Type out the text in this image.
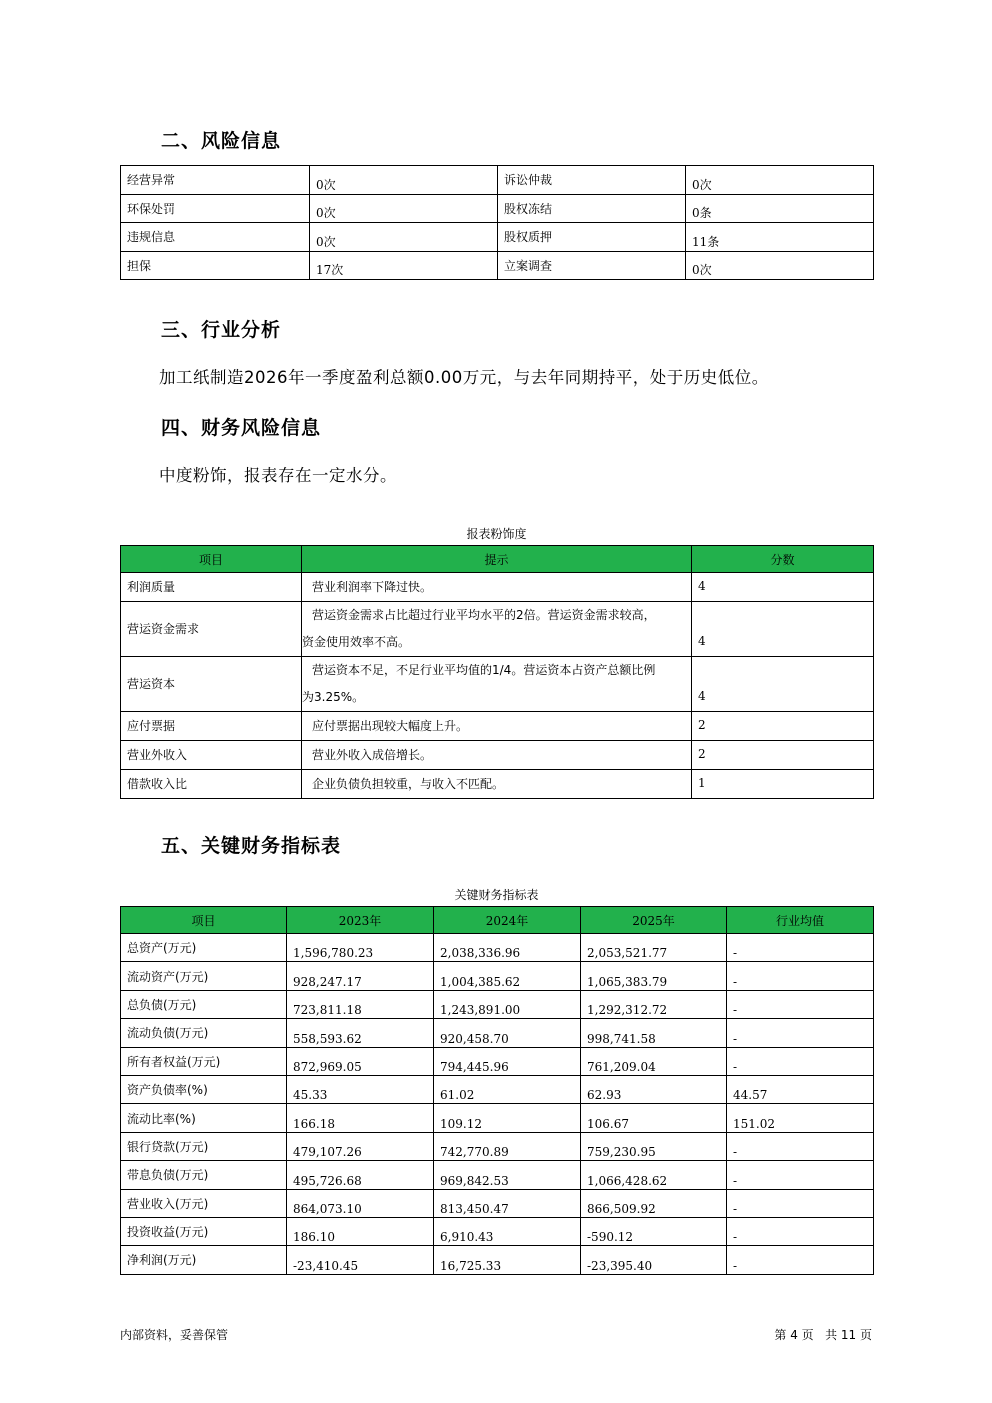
二、风险信息
经营异常	0次	诉讼仲裁	0次
环保处罚	0次	股权冻结	0条
违规信息	0次	股权质押	11条
担保	17次	立案调查	0次
三、行业分析
加工纸制造2026年一季度盈利总额0.00万元，与去年同期持平，处于历史低位。
四、财务风险信息
中度粉饰，报表存在一定水分。
报表粉饰度
项目	提示	分数
利润质量	营业利润率下降过快。	4
营运资金需求	营运资金需求占比超过行业平均水平的2倍。营运资金需求较高，
资金使用效率不高。	4
营运资本	营运资本不足，不足行业平均值的1/4。营运资本占资产总额比例
为3.25%。	4
应付票据	应付票据出现较大幅度上升。	2
营业外收入	营业外收入成倍增长。	2
借款收入比	企业负债负担较重，与收入不匹配。	1
五、关键财务指标表
关键财务指标表
项目	2023年	2024年	2025年	行业均值
总资产(万元)	1,596,780.23	2,038,336.96	2,053,521.77	-
流动资产(万元)	928,247.17	1,004,385.62	1,065,383.79	-
总负债(万元)	723,811.18	1,243,891.00	1,292,312.72	-
流动负债(万元)	558,593.62	920,458.70	998,741.58	-
所有者权益(万元)	872,969.05	794,445.96	761,209.04	-
资产负债率(%)	45.33	61.02	62.93	44.57
流动比率(%)	166.18	109.12	106.67	151.02
银行贷款(万元)	479,107.26	742,770.89	759,230.95	-
带息负债(万元)	495,726.68	969,842.53	1,066,428.62	-
营业收入(万元)	864,073.10	813,450.47	866,509.92	-
投资收益(万元)	186.10	6,910.43	-590.12	-
净利润(万元)	-23,410.45	16,725.33	-23,395.40	-
内部资料，妥善保管	第 4 页   共 11 页
